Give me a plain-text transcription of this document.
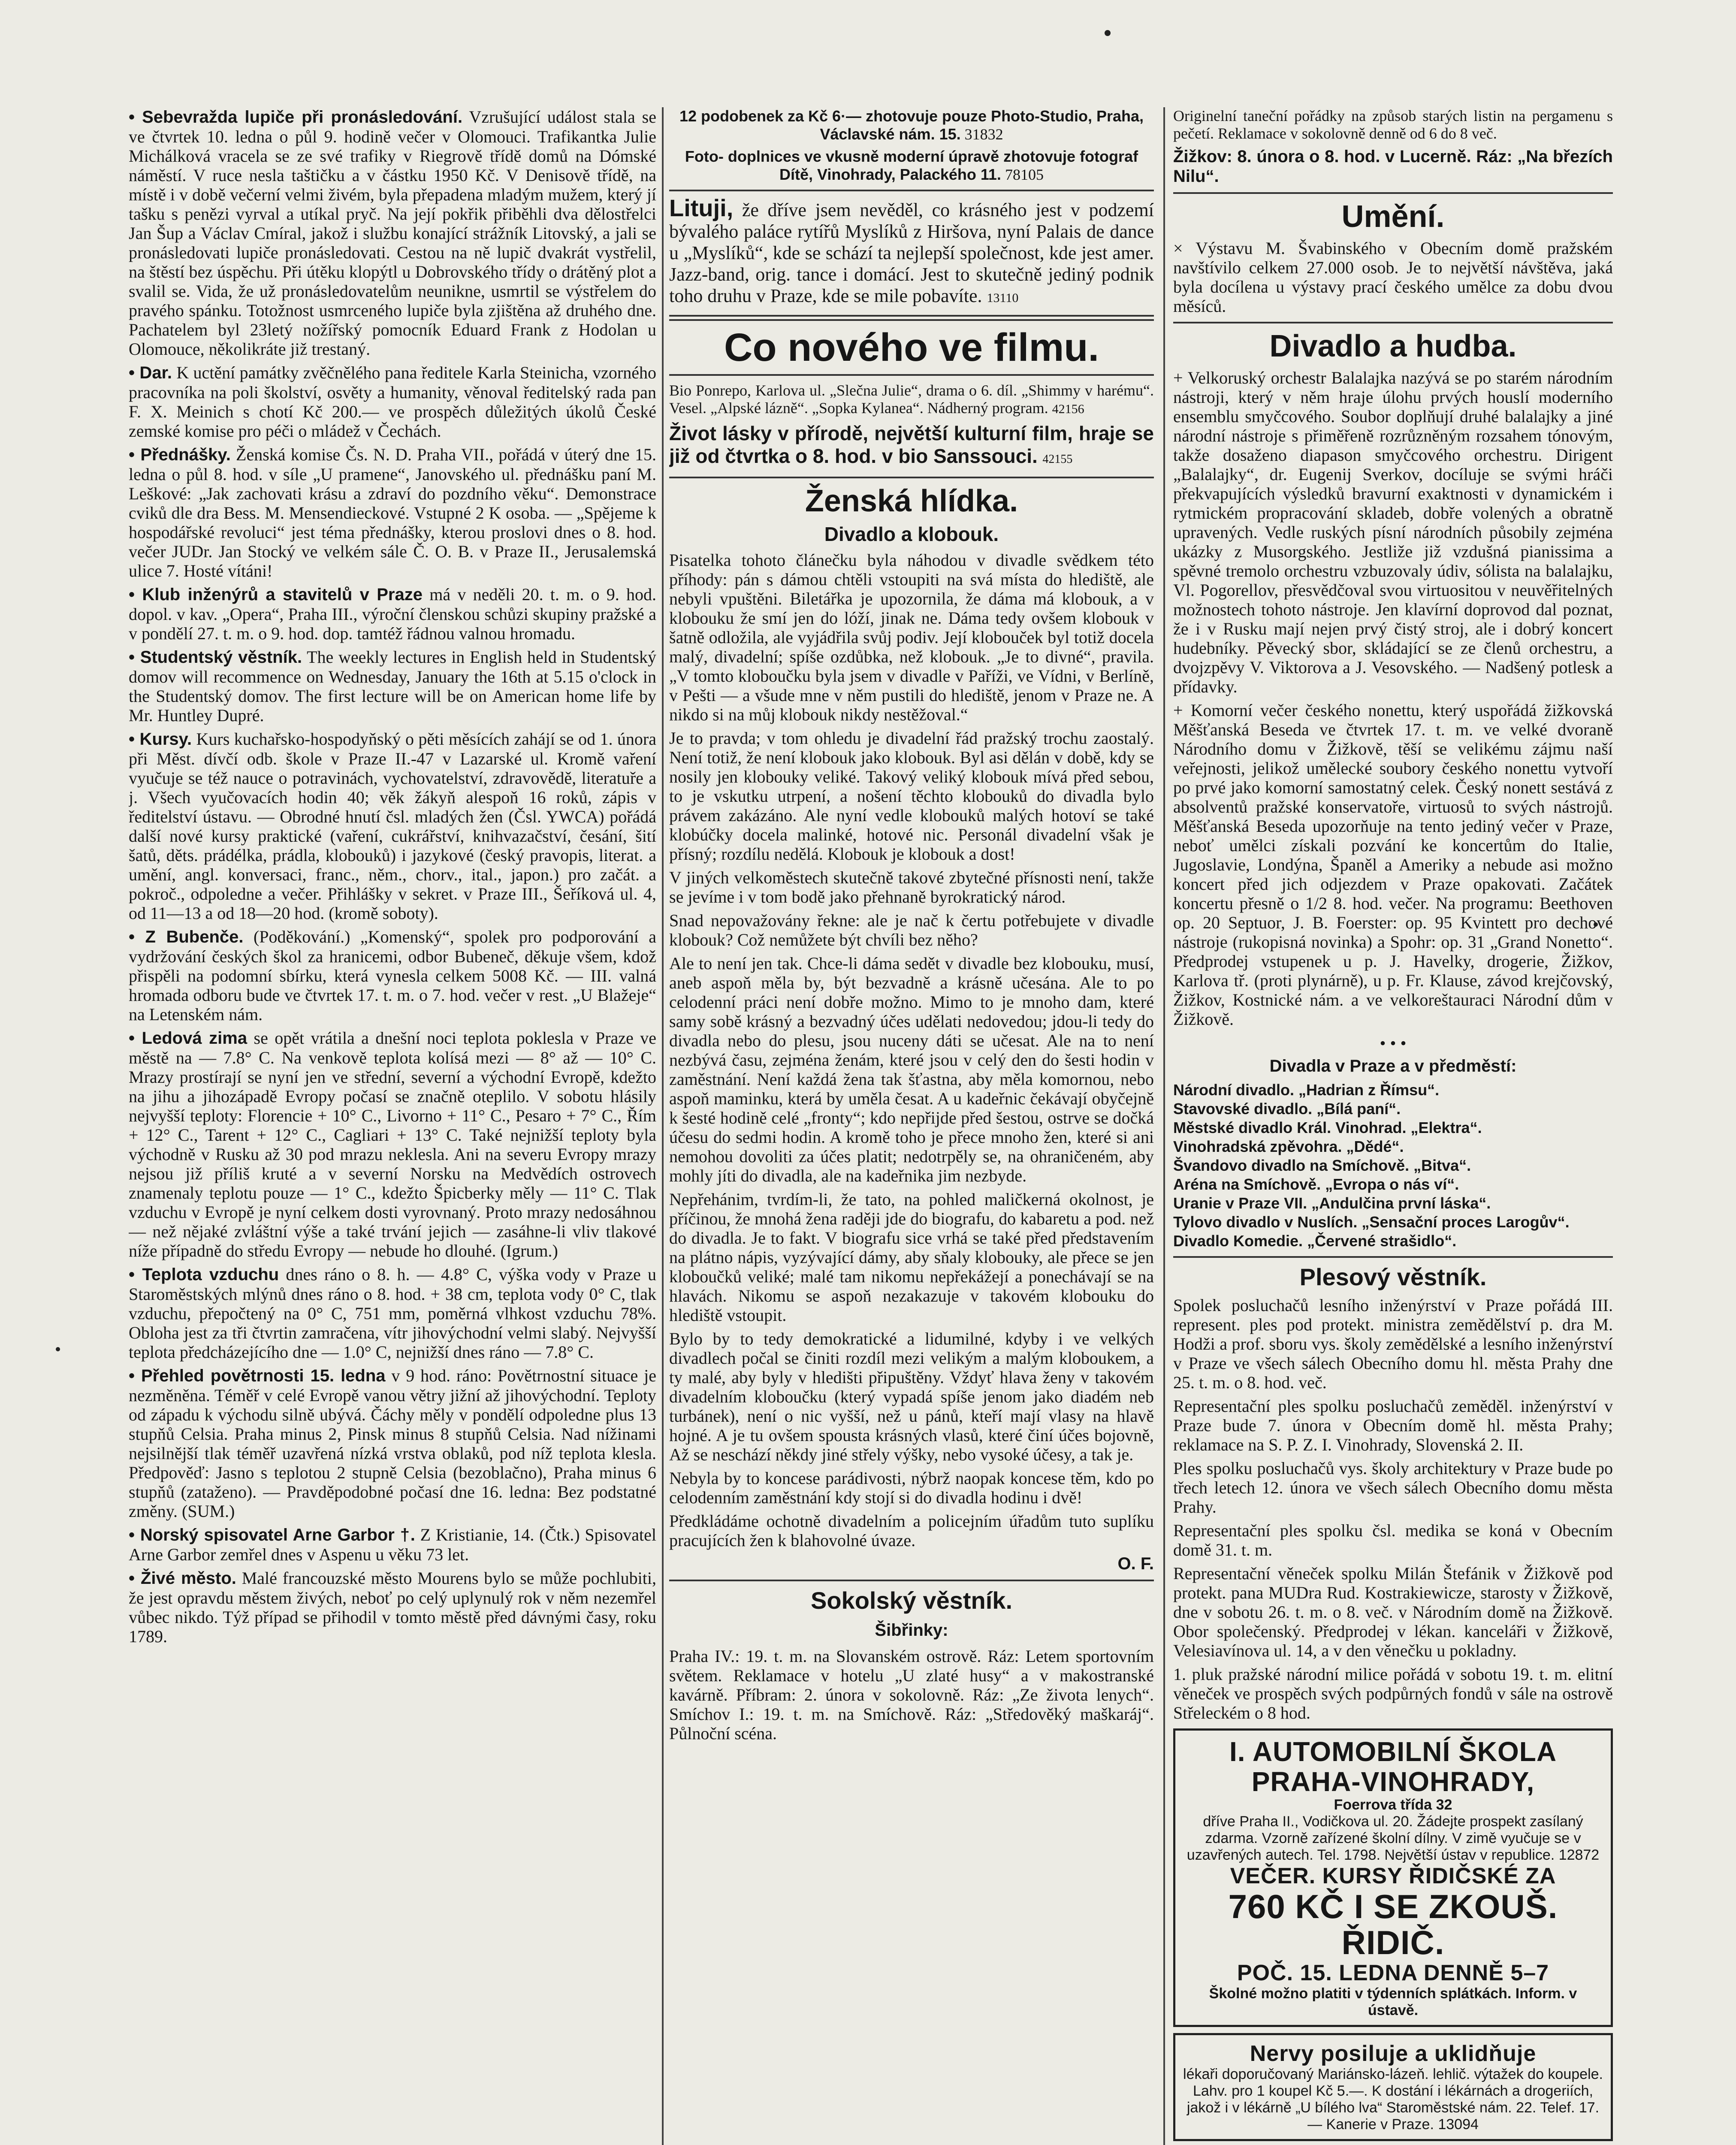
• Sebevražda lupiče při pronásledování. Vzrušující událost stala se ve čtvrtek 10. ledna o půl 9. hodině večer v Olomouci. Trafikantka Julie Michálková vracela se ze své trafiky v Riegrově třídě domů na Dómské náměstí. V ruce nesla taštičku a v částku 1950 Kč. V Denisově třídě, na místě i v době večerní velmi živém, byla přepadena mladým mužem, který jí tašku s penězi vyrval a utíkal pryč. Na její pokřik přiběhli dva dělostřelci Jan Šup a Václav Cmíral, jakož i službu konající strážník Litovský, a jali se pronásledovati lupiče pronásledovati. Cestou na ně lupič dvakrát vystřelil, na štěstí bez úspěchu. Při útěku klopýtl u Dobrovského třídy o drátěný plot a svalil se. Vida, že už pronásledovatelům neunikne, usmrtil se výstřelem do pravého spánku. Totožnost usmrceného lupiče byla zjištěna až druhého dne. Pachatelem byl 23letý nožířský pomocník Eduard Frank z Hodolan u Olomouce, několikráte již trestaný.

• Dar. K uctění památky zvěčnělého pana ředitele Karla Steinicha, vzorného pracovníka na poli školství, osvěty a humanity, věnoval ředitelský rada pan F. X. Meinich s chotí Kč 200.— ve prospěch důležitých úkolů České zemské komise pro péči o mládež v Čechách.

• Přednášky. Ženská komise Čs. N. D. Praha VII., pořádá v úterý dne 15. ledna o půl 8. hod. v síle „U pramene“, Janovského ul. přednášku paní M. Leškové: „Jak zachovati krásu a zdraví do pozdního věku“. Demonstrace cviků dle dra Bess. M. Mensendieckové. Vstupné 2 K osoba. — „Spějeme k hospodářské revoluci“ jest téma přednášky, kterou proslovi dnes o 8. hod. večer JUDr. Jan Stocký ve velkém sále Č. O. B. v Praze II., Jerusalemská ulice 7. Hosté vítáni!

• Klub inženýrů a stavitelů v Praze má v neděli 20. t. m. o 9. hod. dopol. v kav. „Opera“, Praha III., výroční členskou schůzi skupiny pražské a v pondělí 27. t. m. o 9. hod. dop. tamtéž řádnou valnou hromadu.

• Studentský věstník. The weekly lectures in English held in Studentský domov will recommence on Wednesday, January the 16th at 5.15 o'clock in the Studentský domov. The first lecture will be on American home life by Mr. Huntley Dupré.

• Kursy. Kurs kuchařsko-hospodyňský o pěti měsících zahájí se od 1. února při Měst. dívčí odb. škole v Praze II.-47 v Lazarské ul. Kromě vaření vyučuje se též nauce o potravinách, vychovatelství, zdravovědě, literatuře a j. Všech vyučovacích hodin 40; věk žákyň alespoň 16 roků, zápis v ředitelství ústavu. — Obrodné hnutí čsl. mladých žen (Čsl. YWCA) pořádá další nové kursy praktické (vaření, cukrářství, knihvazačství, česání, šití šatů, děts. prádélka, prádla, klobouků) i jazykové (český pravopis, literat. a umění, angl. konversaci, franc., něm., chorv., ital., japon.) pro začát. a pokroč., odpoledne a večer. Přihlášky v sekret. v Praze III., Šeříková ul. 4, od 11—13 a od 18—20 hod. (kromě soboty).

• Z Bubenče. (Poděkování.) „Komenský“, spolek pro podporování a vydržování českých škol za hranicemi, odbor Bubeneč, děkuje všem, kdož přispěli na podomní sbírku, která vynesla celkem 5008 Kč. — III. valná hromada odboru bude ve čtvrtek 17. t. m. o 7. hod. večer v rest. „U Blažeje“ na Letenském nám.

• Ledová zima se opět vrátila a dnešní noci teplota poklesla v Praze ve městě na — 7.8° C. Na venkově teplota kolísá mezi — 8° až — 10° C. Mrazy prostírají se nyní jen ve střední, severní a východní Evropě, kdežto na jihu a jihozápadě Evropy počasí se značně oteplilo. V sobotu hlásily nejvyšší teploty: Florencie + 10° C., Livorno + 11° C., Pesaro + 7° C., Řím + 12° C., Tarent + 12° C., Cagliari + 13° C. Také nejnižší teploty byla východně v Rusku až 30 pod mrazu neklesla. Ani na severu Evropy mrazy nejsou již příliš kruté a v severní Norsku na Medvědích ostrovech znamenaly teplotu pouze — 1° C., kdežto Špicberky měly — 11° C. Tlak vzduchu v Evropě je nyní celkem dosti vyrovnaný. Proto mrazy nedosáhnou — než nějaké zvláštní výše a také trvání jejich — zasáhne-li vliv tlakové níže případně do středu Evropy — nebude ho dlouhé. (Igrum.)

• Teplota vzduchu dnes ráno o 8. h. — 4.8° C, výška vody v Praze u Staroměstských mlýnů dnes ráno o 8. hod. + 38 cm, teplota vody 0° C, tlak vzduchu, přepočtený na 0° C, 751 mm, poměrná vlhkost vzduchu 78%. Obloha jest za tři čtvrtin zamračena, vítr jihovýchodní velmi slabý. Nejvyšší teplota předcházejícího dne — 1.0° C, nejnižší dnes ráno — 7.8° C.

• Přehled povětrnosti 15. ledna v 9 hod. ráno: Povětrnostní situace je nezměněna. Téměř v celé Evropě vanou větry jižní až jihovýchodní. Teploty od západu k východu silně ubývá. Čáchy měly v pondělí odpoledne plus 13 stupňů Celsia. Praha minus 2, Pinsk minus 8 stupňů Celsia. Nad nížinami nejsilnější tlak téměř uzavřená nízká vrstva oblaků, pod níž teplota klesla. Předpověď: Jasno s teplotou 2 stupně Celsia (bezoblačno), Praha minus 6 stupňů (zataženo). — Pravděpodobné počasí dne 16. ledna: Bez podstatné změny. (SUM.)

• Norský spisovatel Arne Garbor †. Z Kristianie, 14. (Čtk.) Spisovatel Arne Garbor zemřel dnes v Aspenu u věku 73 let.

• Živé město. Malé francouzské město Mourens bylo se může pochlubiti, že jest opravdu městem živých, neboť po celý uplynulý rok v něm nezemřel vůbec nikdo. Týž případ se přihodil v tomto městě před dávnými časy, roku 1789.

12 podobenek za Kč 6·— zhotovuje pouze Photo-Studio, Praha, Václavské nám. 15. 31832

Foto- doplnices ve vkusně moderní úpravě zhotovuje fotograf Dítě, Vinohrady, Palackého 11. 78105

Lituji, že dříve jsem nevěděl, co krásného jest v podzemí bývalého paláce rytířů Myslíků z Hiršova, nyní Palais de dance u „Myslíků“, kde se schází ta nejlepší společnost, kde jest amer. Jazz-band, orig. tance i domácí. Jest to skutečně jediný podnik toho druhu v Praze, kde se mile pobavíte. 13110

Co nového ve filmu.

Bio Ponrepo, Karlova ul. „Slečna Julie“, drama o 6. díl. „Shimmy v harému“. Vesel. „Alpské lázně“. „Sopka Kylanea“. Nádherný program. 42156

Život lásky v přírodě, největší kulturní film, hraje se již od čtvrtka o 8. hod. v bio Sanssouci. 42155

Ženská hlídka.
Divadlo a klobouk.

Pisatelka tohoto článečku byla náhodou v divadle svědkem této příhody: pán s dámou chtěli vstoupiti na svá místa do hlediště, ale nebyli vpuštěni. Biletářka je upozornila, že dáma má klobouk, a v klobouku že smí jen do lóží, jinak ne. Dáma tedy ovšem klobouk v šatně odložila, ale vyjádřila svůj podiv. Její klobouček byl totiž docela malý, divadelní; spíše ozdůbka, než klobouk. „Je to divné“, pravila. „V tomto kloboučku byla jsem v divadle v Paříži, ve Vídni, v Berlíně, v Pešti — a všude mne v něm pustili do hlediště, jenom v Praze ne. A nikdo si na můj klobouk nikdy nestěžoval.“

Je to pravda; v tom ohledu je divadelní řád pražský trochu zaostalý. Není totiž, že není klobouk jako klobouk. Byl asi dělán v době, kdy se nosily jen klobouky veliké. Takový veliký klobouk mívá před sebou, to je vskutku utrpení, a nošení těchto klobouků do divadla bylo právem zakázáno. Ale nyní vedle klobouků malých hotoví se také klobúčky docela malinké, hotové nic. Personál divadelní však je přísný; rozdílu nedělá. Klobouk je klobouk a dost!

V jiných velkoměstech skutečně takové zbytečné přísnosti není, takže se jevíme i v tom bodě jako přehnaně byrokratický národ.

Snad nepovažovány řekne: ale je nač k čertu potřebujete v divadle klobouk? Což nemůžete být chvíli bez něho?

Ale to není jen tak. Chce-li dáma sedět v divadle bez klobouku, musí, aneb aspoň měla by, být bezvadně a krásně učesána. Ale to po celodenní práci není dobře možno. Mimo to je mnoho dam, které samy sobě krásný a bezvadný účes udělati nedovedou; jdou-li tedy do divadla nebo do plesu, jsou nuceny dáti se učesat. Ale na to není nezbývá času, zejména ženám, které jsou v celý den do šesti hodin v zaměstnání. Není každá žena tak šťastna, aby měla komornou, nebo aspoň maminku, která by uměla česat. A u kadeřnic čekávají obyčejně k šesté hodině celé „fronty“; kdo nepřijde před šestou, ostrve se dočká účesu do sedmi hodin. A kromě toho je přece mnoho žen, které si ani nemohou dovoliti za účes platit; nedotrpěly se, na ohraničeném, aby mohly jíti do divadla, ale na kadeřnika jim nezbyde.

Nepřehánim, tvrdím-li, že tato, na pohled maličkerná okolnost, je příčinou, že mnohá žena raději jde do biografu, do kabaretu a pod. než do divadla. Je to fakt. V biografu sice vrhá se také před představením na plátno nápis, vyzývající dámy, aby sňaly klobouky, ale přece se jen kloboučků veliké; malé tam nikomu nepřekážejí a ponechávají se na hlavách. Nikomu se aspoň nezakazuje v takovém klobouku do hlediště vstoupit.

Bylo by to tedy demokratické a lidumilné, kdyby i ve velkých divadlech počal se činiti rozdíl mezi velikým a malým kloboukem, a ty malé, aby byly v hledišti připuštěny. Vždyť hlava ženy v takovém divadelním kloboučku (který vypadá spíše jenom jako diadém neb turbánek), není o nic vyšší, než u pánů, kteří mají vlasy na hlavě hojné. A je tu ovšem spousta krásných vlasů, které činí účes bojovně, Až se neschází někdy jiné střely výšky, nebo vysoké účesy, a tak je.

Nebyla by to koncese parádivosti, nýbrž naopak koncese těm, kdo po celodenním zaměstnání kdy stojí si do divadla hodinu i dvě!

Předkládáme ochotně divadelním a policejním úřadům tuto suplíku pracujících žen k blahovolné úvaze.

O. F.
Sokolský věstník.
Šibřinky:

Praha IV.: 19. t. m. na Slovanském ostrově. Ráz: Letem sportovním světem. Reklamace v hotelu „U zlaté husy“ a v makostranské kavárně. Příbram: 2. února v sokolovně. Ráz: „Ze života lenych“. Smíchov I.: 19. t. m. na Smíchově. Ráz: „Středověký maškaráj“. Půlnoční scéna.

Originelní taneční pořádky na způsob starých listin na pergamenu s pečetí. Reklamace v sokolovně denně od 6 do 8 več.

Žižkov: 8. února o 8. hod. v Lucerně. Ráz: „Na březích Nilu“.

Umění.

× Výstavu M. Švabinského v Obecním domě pražském navštívilo celkem 27.000 osob. Je to největší návštěva, jaká byla docílena u výstavy prací českého umělce za dobu dvou měsíců.

Divadlo a hudba.

+ Velkoruský orchestr Balalajka nazývá se po starém národním nástroji, který v něm hraje úlohu prvých houslí moderního ensemblu smyčcového. Soubor doplňují druhé balalajky a jiné národní nástroje s přiměřeně rozrůzněným rozsahem tónovým, takže dosaženo diapason smyčcového orchestru. Dirigent „Balalajky“, dr. Eugenij Sverkov, docíluje se svými hráči překvapujících výsledků bravurní exaktnosti v dynamickém i rytmickém propracování skladeb, dobře volených a obratně upravených. Vedle ruských písní národních působily zejména ukázky z Musorgského. Jestliže již vzdušná pianissima a spěvné tremolo orchestru vzbuzovaly údiv, sólista na balalajku, Vl. Pogorellov, přesvědčoval svou virtuositou v neuvěřitelných možnostech tohoto nástroje. Jen klavírní doprovod dal poznat, že i v Rusku mají nejen prvý čistý stroj, ale i dobrý koncert hudebníky. Pěvecký sbor, skládající se ze členů orchestru, a dvojzpěvy V. Viktorova a J. Vesovského. — Nadšený potlesk a přídavky.

+ Komorní večer českého nonettu, který uspořádá žižkovská Měšťanská Beseda ve čtvrtek 17. t. m. ve velké dvoraně Národního domu v Žižkově, těší se velikému zájmu naší veřejnosti, jelikož umělecké soubory českého nonettu vytvoří po prvé jako komorní samostatný celek. Český nonett sestává z absolventů pražské konservatoře, virtuosů to svých nástrojů. Měšťanská Beseda upozorňuje na tento jediný večer v Praze, neboť umělci získali pozvání ke koncertům do Italie, Jugoslavie, Londýna, Španěl a Ameriky a nebude asi možno koncert před jich odjezdem v Praze opakovati. Začátek koncertu přesně o 1/2 8. hod. večer. Na programu: Beethoven op. 20 Septuor, J. B. Foerster: op. 95 Kvintett pro dechové nástroje (rukopisná novinka) a Spohr: op. 31 „Grand Nonetto“. Předprodej vstupenek u p. J. Havelky, drogerie, Žižkov, Karlova tř. (proti plynárně), u p. Fr. Klause, závod krejčovský, Žižkov, Kostnické nám. a ve velkoreštauraci Národní dům v Žižkově.

• • •
Divadla v Praze a v předměstí:

Národní divadlo. „Hadrian z Římsu“.

Stavovské divadlo. „Bílá paní“.

Městské divadlo Král. Vinohrad. „Elektra“.

Vinohradská zpěvohra. „Dědé“.

Švandovo divadlo na Smíchově. „Bitva“.

Aréna na Smíchově. „Evropa o nás ví“.

Uranie v Praze VII. „Andulčina první láska“.

Tylovo divadlo v Nuslích. „Sensační proces Larogův“.

Divadlo Komedie. „Červené strašidlo“.

Plesový věstník.

Spolek posluchačů lesního inženýrství v Praze pořádá III. represent. ples pod protekt. ministra zemědělství p. dra M. Hodži a prof. sboru vys. školy zemědělské a lesního inženýrství v Praze ve všech sálech Obecního domu hl. města Prahy dne 25. t. m. o 8. hod. več.

Representační ples spolku posluchačů zeměděl. inženýrství v Praze bude 7. února v Obecním domě hl. města Prahy; reklamace na S. P. Z. I. Vinohrady, Slovenská 2. II.

Ples spolku posluchačů vys. školy architektury v Praze bude po třech letech 12. února ve všech sálech Obecního domu města Prahy.

Representační ples spolku čsl. medika se koná v Obecním domě 31. t. m.

Representační věneček spolku Milán Štefánik v Žižkově pod protekt. pana MUDra Rud. Kostrakiewicze, starosty v Žižkově, dne v sobotu 26. t. m. o 8. več. v Národním domě na Žižkově. Obor společenský. Předprodej v lékan. kanceláři v Žižkově, Velesiavínova ul. 14, a v den věnečku u pokladny.

1. pluk pražské národní milice pořádá v sobotu 19. t. m. elitní věneček ve prospěch svých podpůrných fondů v sále na ostrově Střeleckém o 8 hod.

I. AUTOMOBILNÍ ŠKOLA PRAHA-VINOHRADY,
Foerrova třída 32
dříve Praha II., Vodičkova ul. 20. Žádejte prospekt zasílaný zdarma. Vzorně zařízené školní dílny. V zimě vyučuje se v uzavřených autech. Tel. 1798. Největší ústav v republice. 12872
VEČER. KURSY ŘIDIČSKÉ ZA
760 KČ I SE ZKOUŠ. ŘIDIČ.
POČ. 15. LEDNA DENNĚ 5–7
Školné možno platiti v týdenních splátkách. Inform. v ústavě.
Nervy posiluje a uklidňuje
lékaři doporučovaný Mariánsko-lázeň. lehlič. výtažek do koupele. Lahv. pro 1 koupel Kč 5.—. K dostání i lékárnách a drogeriích, jakož i v lékárně „U bílého lva“ Staroměstské nám. 22. Telef. 17. — Kanerie v Praze. 13094
